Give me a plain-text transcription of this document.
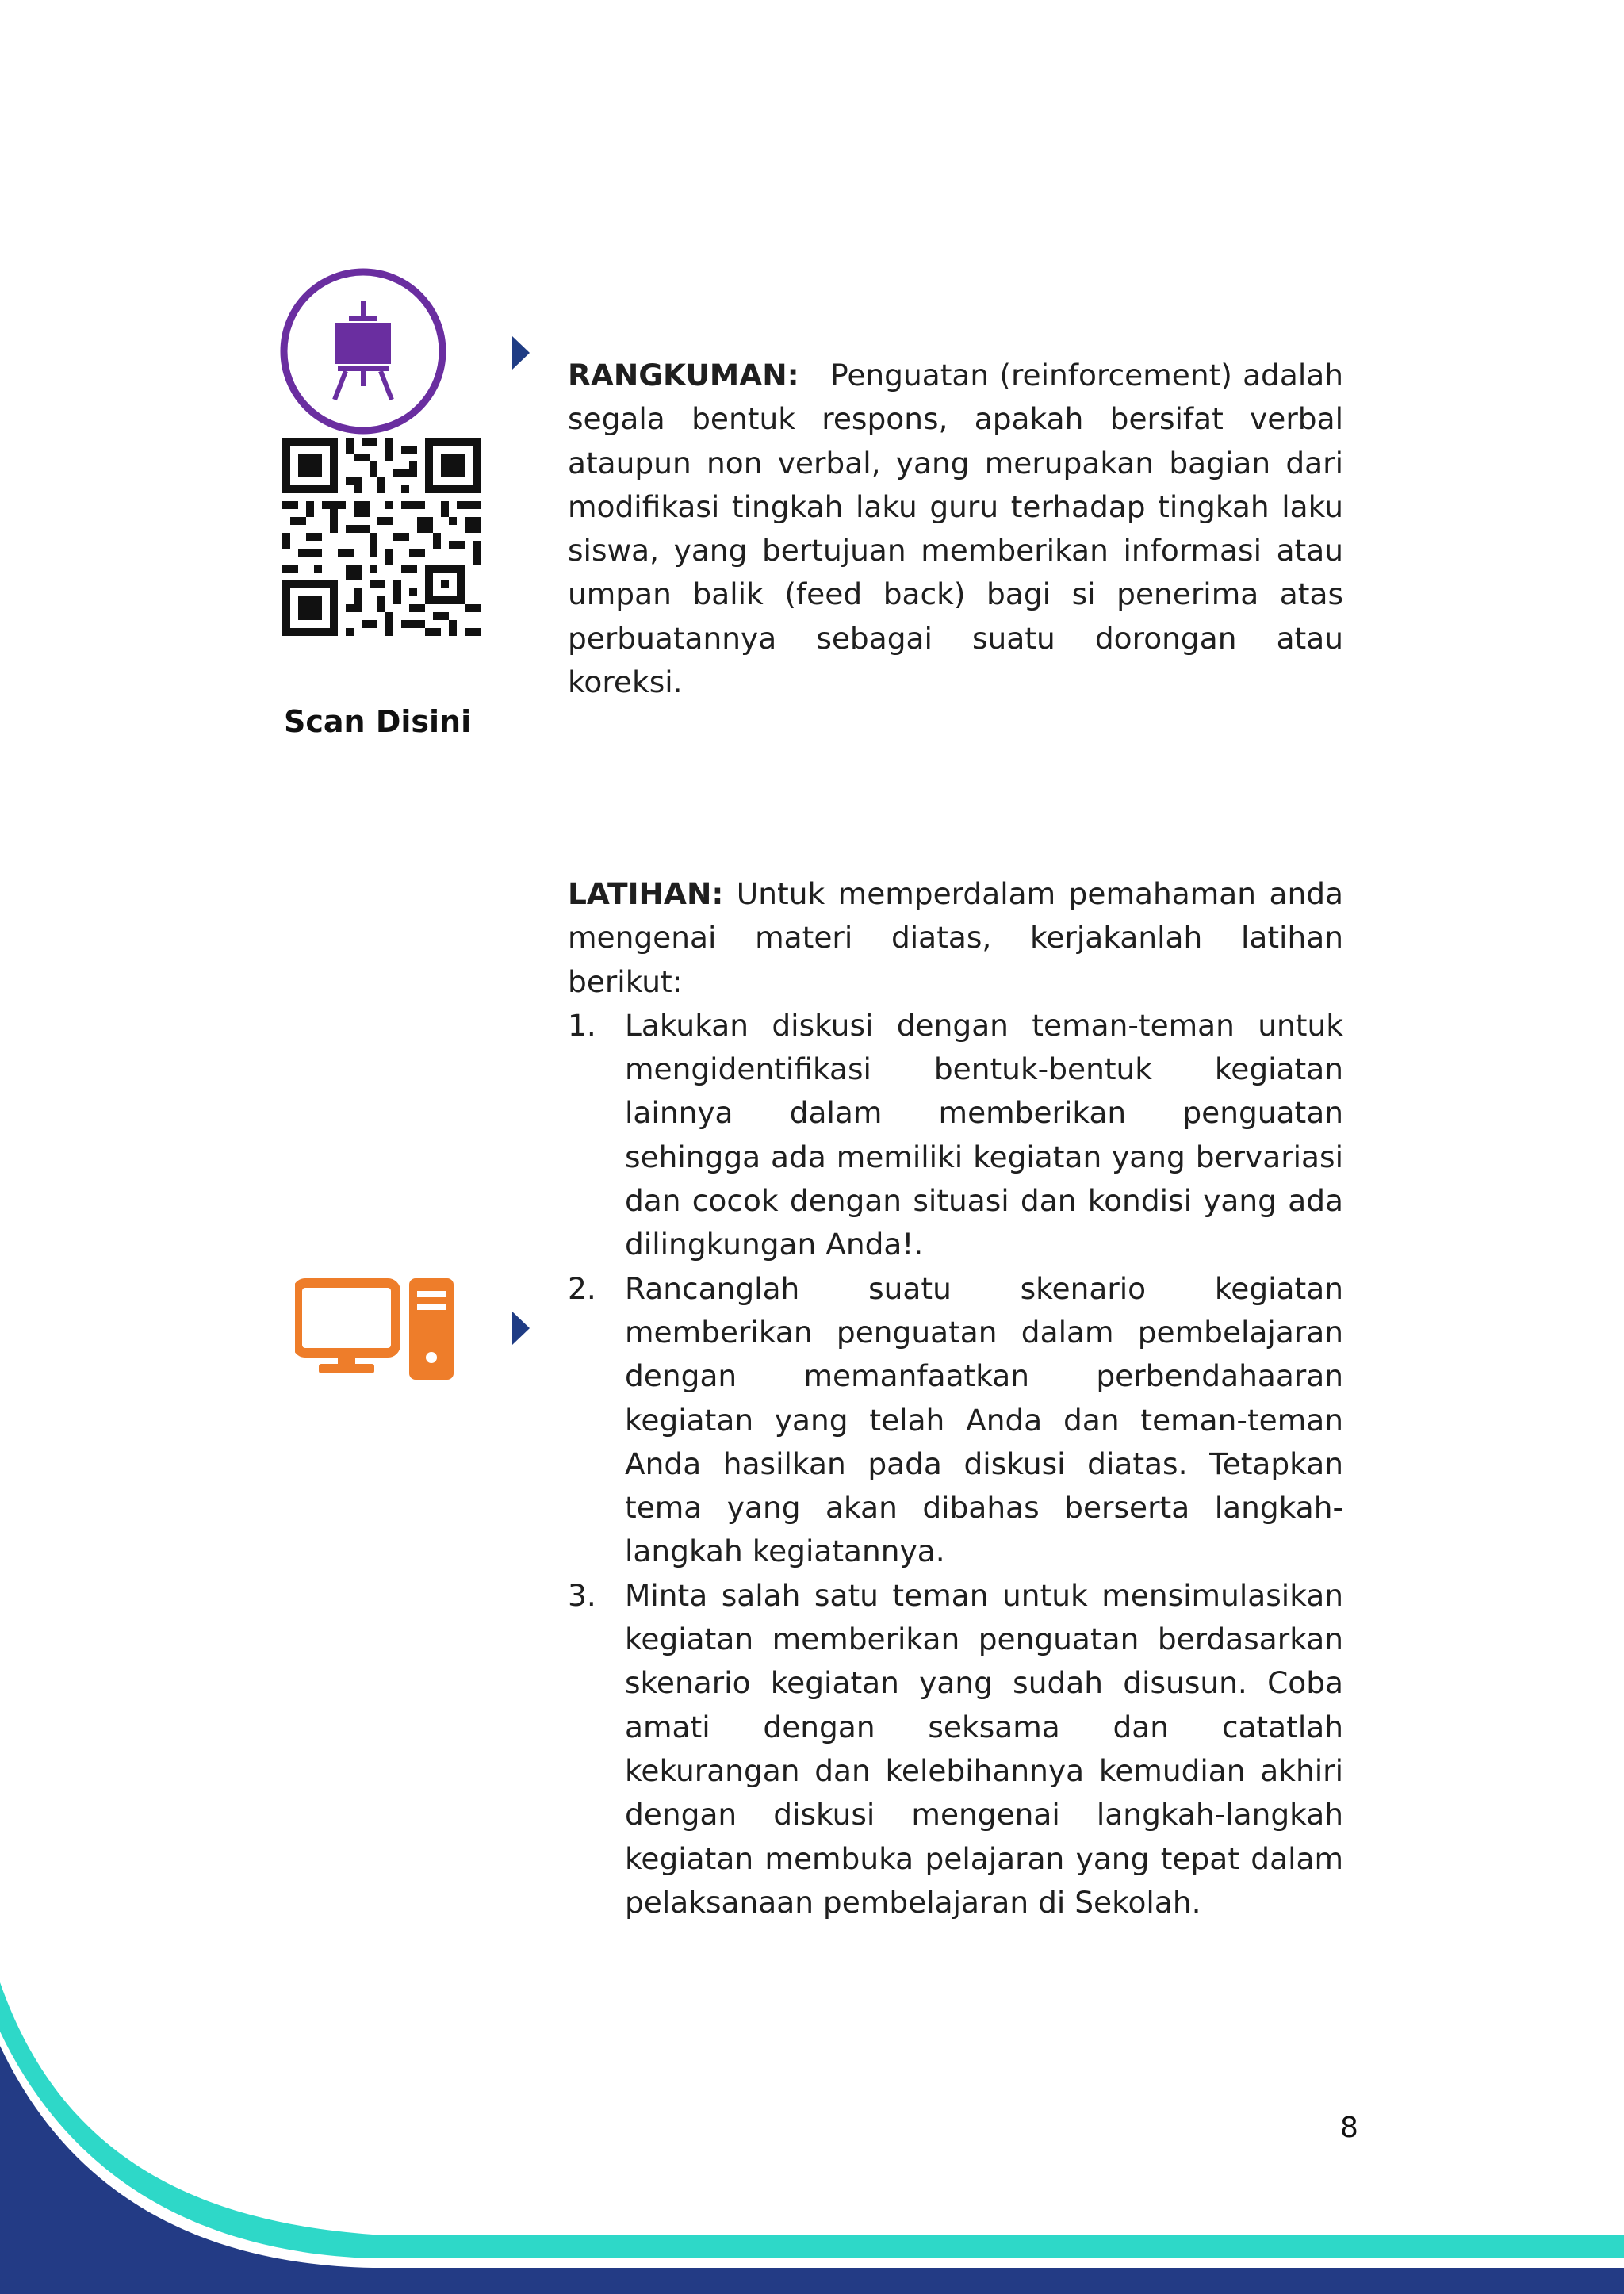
Scan Disini
RANGKUMAN: Penguatan (reinforcement) adalah segala bentuk respons, apakah bersifat verbal ataupun non verbal, yang merupakan bagian dari modifikasi tingkah laku guru terhadap tingkah laku siswa, yang bertujuan memberikan informasi atau umpan balik (feed back) bagi si penerima atas perbuatannya sebagai suatu dorongan atau koreksi.
LATIHAN: Untuk memperdalam pemahaman anda mengenai materi diatas, kerjakanlah latihan berikut:
1. Lakukan diskusi dengan teman-teman untuk mengidentifikasi bentuk-bentuk kegiatan lainnya dalam memberikan penguatan sehingga ada memiliki kegiatan yang bervariasi dan cocok dengan situasi dan kondisi yang ada dilingkungan Anda!.
2. Rancanglah suatu skenario kegiatan memberikan penguatan dalam pembelajaran dengan memanfaatkan perbendahaaran kegiatan yang telah Anda dan teman-teman Anda hasilkan pada diskusi diatas. Tetapkan tema yang akan dibahas berserta langkah-langkah kegiatannya.
3. Minta salah satu teman untuk mensimulasikan kegiatan memberikan penguatan berdasarkan skenario kegiatan yang sudah disusun. Coba amati dengan seksama dan catatlah kekurangan dan kelebihannya kemudian akhiri dengan diskusi mengenai langkah-langkah kegiatan membuka pelajaran yang tepat dalam pelaksanaan pembelajaran di Sekolah.
8
